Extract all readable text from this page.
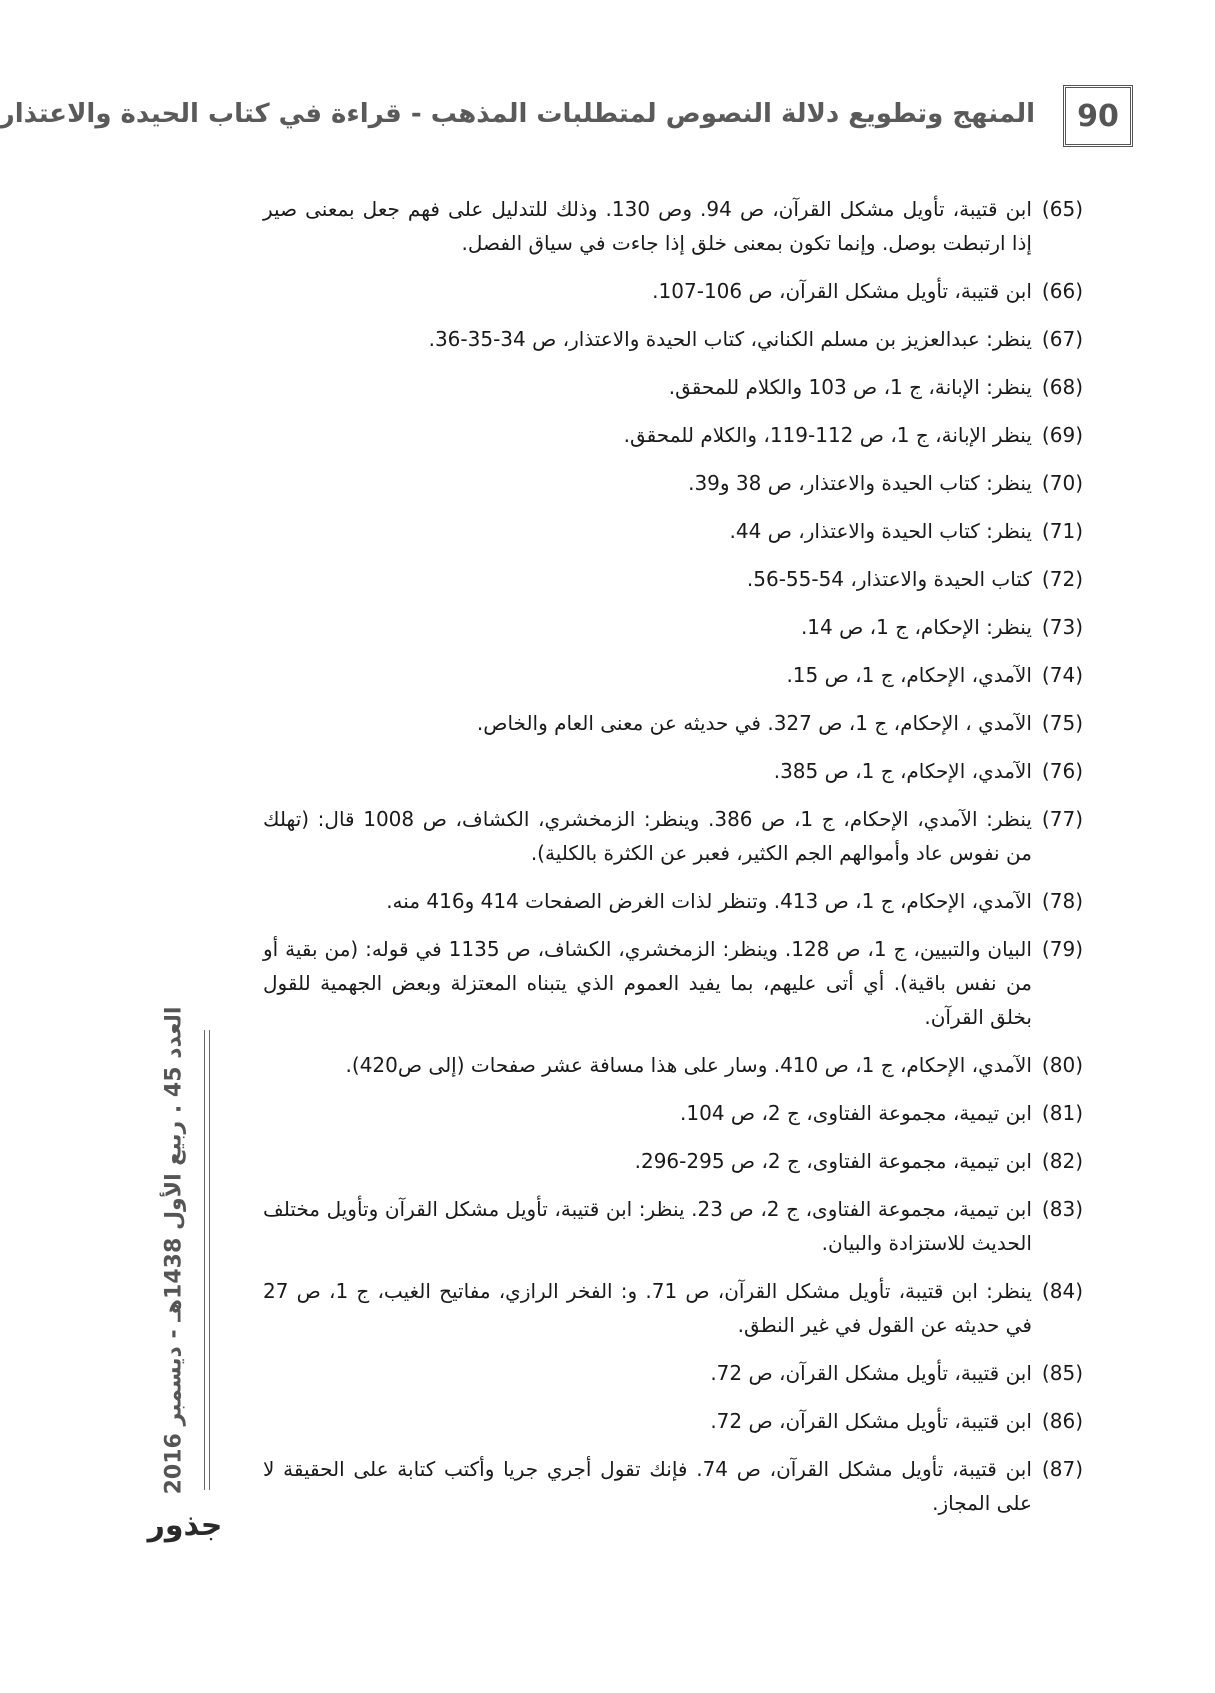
90
المنهج وتطويع دلالة النصوص لمتطلبات المذهب - قراءة في كتاب الحيدة والاعتذار
(65)
ابن قتيبة، تأويل مشكل القرآن، ص 94. وص 130. وذلك للتدليل على فهم جعل بمعنى صير إذا ارتبطت بوصل. وإنما تكون بمعنى خلق إذا جاءت في سياق الفصل.
(66)
ابن قتيبة، تأويل مشكل القرآن، ص 106-107.
(67)
ينظر: عبدالعزيز بن مسلم الكناني، كتاب الحيدة والاعتذار، ص 34-35-36.
(68)
ينظر: الإبانة، ج 1، ص 103 والكلام للمحقق.
(69)
ينظر الإبانة، ج 1، ص 112-119، والكلام للمحقق.
(70)
ينظر: كتاب الحيدة والاعتذار، ص 38 و39.
(71)
ينظر: كتاب الحيدة والاعتذار، ص 44.
(72)
كتاب الحيدة والاعتذار، 54-55-56.
(73)
ينظر: الإحكام، ج 1، ص 14.
(74)
الآمدي، الإحكام، ج 1، ص 15.
(75)
الآمدي ، الإحكام، ج 1، ص 327. في حديثه عن معنى العام والخاص.
(76)
الآمدي، الإحكام، ج 1، ص 385.
(77)
ينظر: الآمدي، الإحكام، ج 1، ص 386. وينظر: الزمخشري، الكشاف، ص 1008 قال: (تهلك من نفوس عاد وأموالهم الجم الكثير، فعبر عن الكثرة بالكلية).
(78)
الآمدي، الإحكام، ج 1، ص 413. وتنظر لذات الغرض الصفحات 414 و416 منه.
(79)
البيان والتبيين، ج 1، ص 128. وينظر: الزمخشري، الكشاف، ص 1135 في قوله: (من بقية أو من نفس باقية). أي أتى عليهم، بما يفيد العموم الذي يتبناه المعتزلة وبعض الجهمية للقول بخلق القرآن.
(80)
الآمدي، الإحكام، ج 1، ص 410. وسار على هذا مسافة عشر صفحات (إلى ص420).
(81)
ابن تيمية، مجموعة الفتاوى، ج 2، ص 104.
(82)
ابن تيمية، مجموعة الفتاوى، ج 2، ص 295-296.
(83)
ابن تيمية، مجموعة الفتاوى، ج 2، ص 23. ينظر: ابن قتيبة، تأويل مشكل القرآن وتأويل مختلف الحديث للاستزادة والبيان.
(84)
ينظر: ابن قتيبة، تأويل مشكل القرآن، ص 71. و: الفخر الرازي، مفاتيح الغيب، ج 1، ص 27 في حديثه عن القول في غير النطق.
(85)
ابن قتيبة، تأويل مشكل القرآن، ص 72.
(86)
ابن قتيبة، تأويل مشكل القرآن، ص 72.
(87)
ابن قتيبة، تأويل مشكل القرآن، ص 74. فإنك تقول أجري جريا وأكتب كتابة على الحقيقة لا على المجاز.
العدد 45 . ربيع الأول 1438هـ - ديسمبر 2016
جذور
